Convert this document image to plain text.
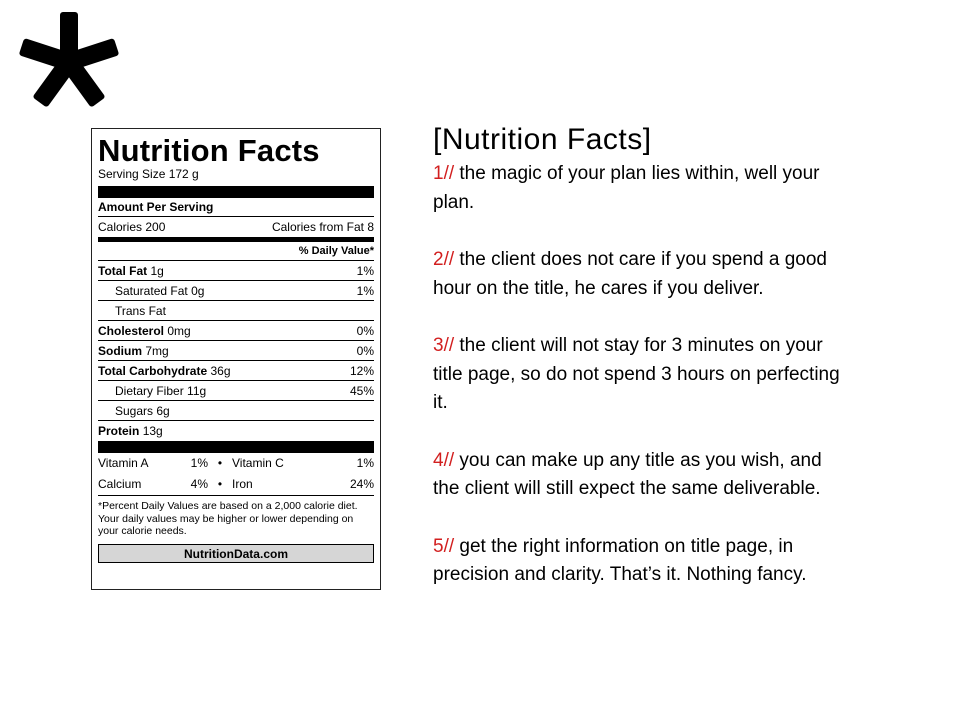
Nutrition Facts
Serving Size 172 g
Amount Per Serving
Calories 200	Calories from Fat 8
% Daily Value*
Total Fat 1g	1%
Saturated Fat 0g	1%
Trans Fat
Cholesterol 0mg	0%
Sodium 7mg	0%
Total Carbohydrate 36g	12%
Dietary Fiber 11g	45%
Sugars 6g
Protein 13g
Vitamin A	1% • Vitamin C	1%
Calcium	4% • Iron	24%
*Percent Daily Values are based on a 2,000 calorie diet. Your daily values may be higher or lower depending on your calorie needs.
NutritionData.com

[Nutrition Facts]

1// the magic of your plan lies within, well your plan.

2// the client does not care if you spend a good hour on the title, he cares if you deliver.

3// the client will not stay for 3 minutes on your title page, so do not spend 3 hours on perfecting it.

4// you can make up any title as you wish, and the client will still expect the same deliverable.

5// get the right information on title page, in precision and clarity. That’s it. Nothing fancy.
